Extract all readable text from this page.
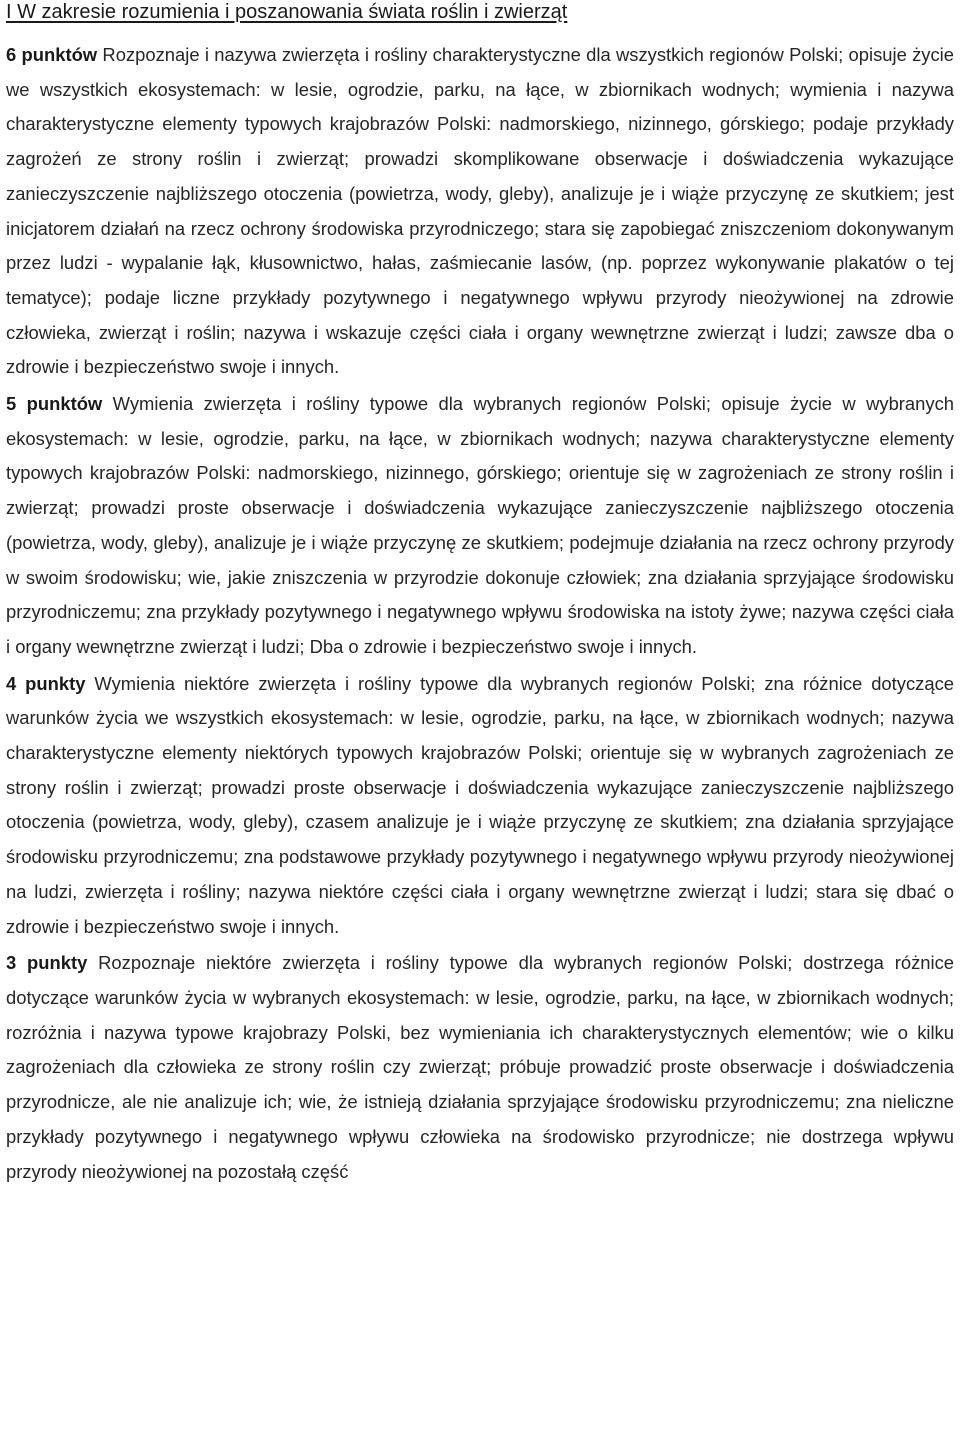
I W zakresie rozumienia i poszanowania świata roślin i zwierząt

6 punktów Rozpoznaje i nazywa zwierzęta i rośliny charakterystyczne dla wszystkich regionów Polski; opisuje życie we wszystkich ekosystemach: w lesie, ogrodzie, parku, na łące, w zbiornikach wodnych; wymienia i nazywa charakterystyczne elementy typowych krajobrazów Polski: nadmorskiego, nizinnego, górskiego; podaje przykłady zagrożeń ze strony roślin i zwierząt; prowadzi skomplikowane obserwacje i doświadczenia wykazujące zanieczyszczenie najbliższego otoczenia (powietrza, wody, gleby), analizuje je i wiąże przyczynę ze skutkiem; jest inicjatorem działań na rzecz ochrony środowiska przyrodniczego; stara się zapobiegać zniszczeniom dokonywanym przez ludzi - wypalanie łąk, kłusownictwo, hałas, zaśmiecanie lasów, (np. poprzez wykonywanie plakatów o tej tematyce); podaje liczne przykłady pozytywnego i negatywnego wpływu przyrody nieożywionej na zdrowie człowieka, zwierząt i roślin; nazywa i wskazuje części ciała i organy wewnętrzne zwierząt i ludzi; zawsze dba o zdrowie i bezpieczeństwo swoje i innych.

5 punktów Wymienia zwierzęta i rośliny typowe dla wybranych regionów Polski; opisuje życie w wybranych ekosystemach: w lesie, ogrodzie, parku, na łące, w zbiornikach wodnych; nazywa charakterystyczne elementy typowych krajobrazów Polski: nadmorskiego, nizinnego, górskiego; orientuje się w zagrożeniach ze strony roślin i zwierząt; prowadzi proste obserwacje i doświadczenia wykazujące zanieczyszczenie najbliższego otoczenia (powietrza, wody, gleby), analizuje je i wiąże przyczynę ze skutkiem; podejmuje działania na rzecz ochrony przyrody w swoim środowisku; wie, jakie zniszczenia w przyrodzie dokonuje człowiek; zna działania sprzyjające środowisku przyrodniczemu; zna przykłady pozytywnego i negatywnego wpływu środowiska na istoty żywe; nazywa części ciała i organy wewnętrzne zwierząt i ludzi; Dba o zdrowie i bezpieczeństwo swoje i innych.

4 punkty Wymienia niektóre zwierzęta i rośliny typowe dla wybranych regionów Polski; zna różnice dotyczące warunków życia we wszystkich ekosystemach: w lesie, ogrodzie, parku, na łące, w zbiornikach wodnych; nazywa charakterystyczne elementy niektórych typowych krajobrazów Polski; orientuje się w wybranych zagrożeniach ze strony roślin i zwierząt; prowadzi proste obserwacje i doświadczenia wykazujące zanieczyszczenie najbliższego otoczenia (powietrza, wody, gleby), czasem analizuje je i wiąże przyczynę ze skutkiem; zna działania sprzyjające środowisku przyrodniczemu; zna podstawowe przykłady pozytywnego i negatywnego wpływu przyrody nieożywionej na ludzi, zwierzęta i rośliny; nazywa niektóre części ciała i organy wewnętrzne zwierząt i ludzi; stara się dbać o zdrowie i bezpieczeństwo swoje i innych.

3 punkty Rozpoznaje niektóre zwierzęta i rośliny typowe dla wybranych regionów Polski; dostrzega różnice dotyczące warunków życia w wybranych ekosystemach: w lesie, ogrodzie, parku, na łące, w zbiornikach wodnych; rozróżnia i nazywa typowe krajobrazy Polski, bez wymieniania ich charakterystycznych elementów; wie o kilku zagrożeniach dla człowieka ze strony roślin czy zwierząt; próbuje prowadzić proste obserwacje i doświadczenia przyrodnicze, ale nie analizuje ich; wie, że istnieją działania sprzyjające środowisku przyrodniczemu; zna nieliczne przykłady pozytywnego i negatywnego wpływu człowieka na środowisko przyrodnicze; nie dostrzega wpływu przyrody nieożywionej na pozostałą część
